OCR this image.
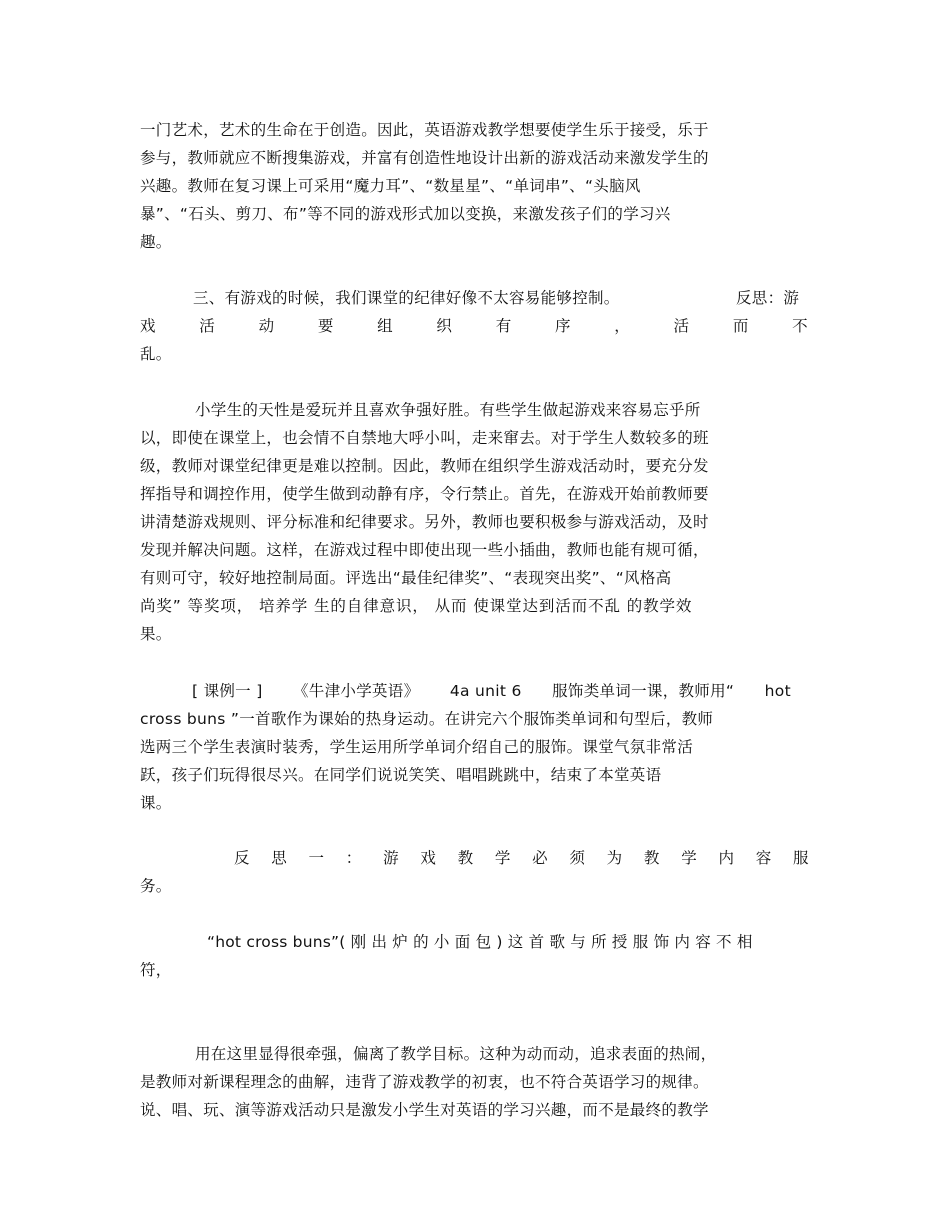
一门艺术，艺术的生命在于创造。因此，英语游戏教学想要使学生乐于接受，乐于
参与，教师就应不断搜集游戏，并富有创造性地设计出新的游戏活动来激发学生的
兴趣。教师在复习课上可采用“魔力耳”、“数星星”、“单词串”、“头脑风
暴”、“石头、剪刀、布”等不同的游戏形式加以变换，来激发孩子们的学习兴
趣。
三、有游戏的时候，我们课堂的纪律好像不太容易能够控制。	反思：游
戏	活	动	要	组	织	有	序	，	活	而	不
乱。
小学生的天性是爱玩并且喜欢争强好胜。有些学生做起游戏来容易忘乎所
以，即使在课堂上，也会情不自禁地大呼小叫，走来窜去。对于学生人数较多的班
级，教师对课堂纪律更是难以控制。因此，教师在组织学生游戏活动时，要充分发
挥指导和调控作用，使学生做到动静有序，令行禁止。首先，在游戏开始前教师要
讲清楚游戏规则、评分标准和纪律要求。另外，教师也要积极参与游戏活动，及时
发现并解决问题。这样，在游戏过程中即使出现一些小插曲，教师也能有规可循，
有则可守，较好地控制局面。评选出“最佳纪律奖”、“表现突出奖”、“风格高
尚奖” 等奖项， 培养学 生的自律意识， 从而 使课堂达到活而不乱 的教学效
果。
[ 课例一 ] 《牛津小学英语》 4a unit 6 服饰类单词一课，教师用“ hot
cross buns ”一首歌作为课始的热身运动。在讲完六个服饰类单词和句型后，教师
选两三个学生表演时装秀，学生运用所学单词介绍自己的服饰。课堂气氛非常活
跃，孩子们玩得很尽兴。在同学们说说笑笑、唱唱跳跳中，结束了本堂英语
课。
反 思 一 ： 游 戏 教 学 必 须 为 教 学 内 容 服
务。
“hot cross buns”( 刚 出 炉 的 小 面 包 ) 这 首 歌 与 所 授 服 饰 内 容 不 相
符，
用在这里显得很牵强，偏离了教学目标。这种为动而动，追求表面的热闹，
是教师对新课程理念的曲解，违背了游戏教学的初衷，也不符合英语学习的规律。
说、唱、玩、演等游戏活动只是激发小学生对英语的学习兴趣，而不是最终的教学
